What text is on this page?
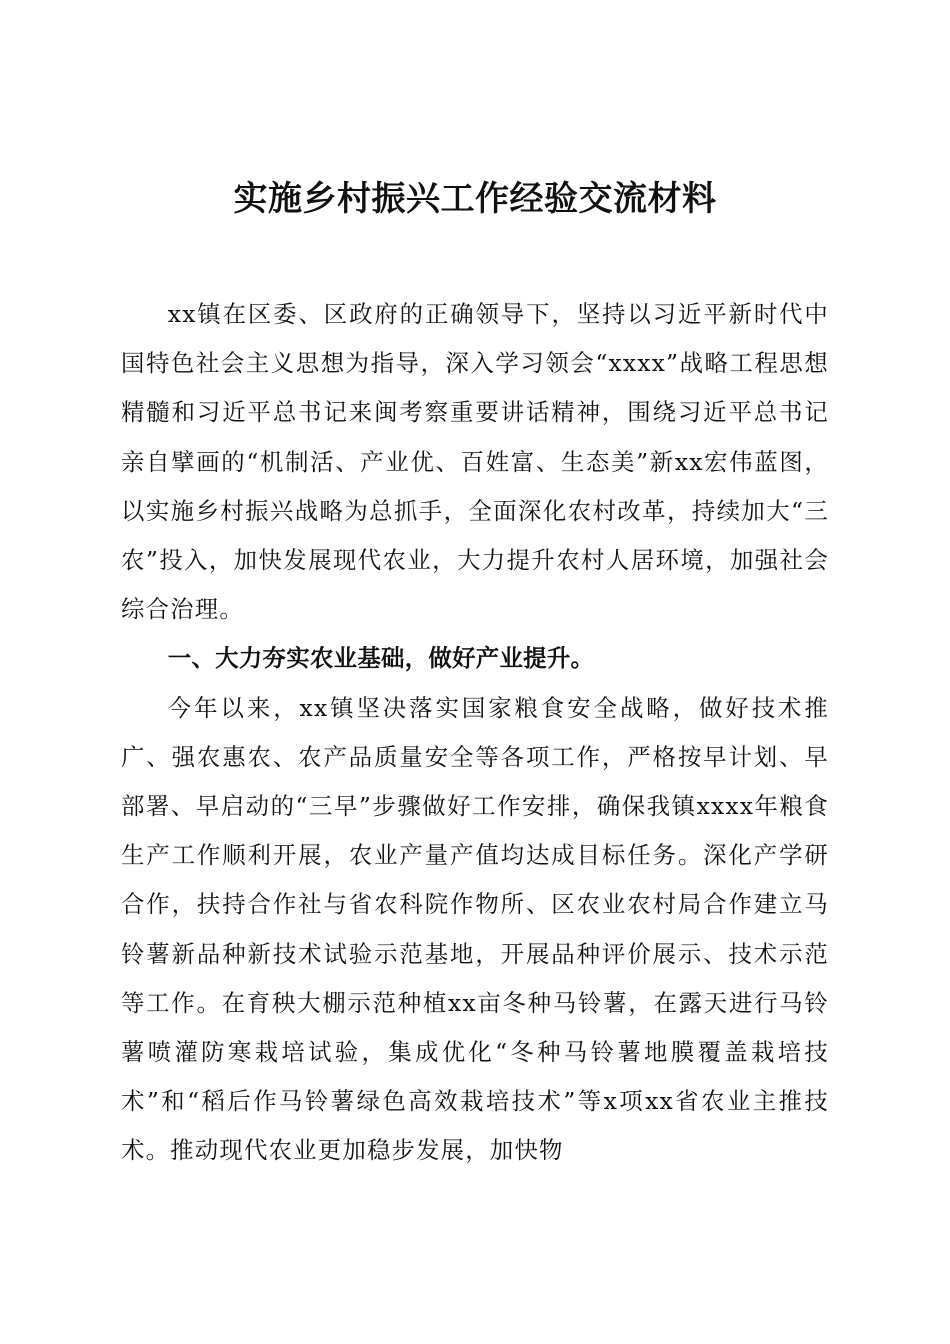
实施乡村振兴工作经验交流材料

xx镇在区委、区政府的正确领导下，坚持以习近平新时代中国特色社会主义思想为指导，深入学习领会“xxxx”战略工程思想精髓和习近平总书记来闽考察重要讲话精神，围绕习近平总书记亲自擘画的“机制活、产业优、百姓富、生态美”新xx宏伟蓝图，以实施乡村振兴战略为总抓手，全面深化农村改革，持续加大“三农”投入，加快发展现代农业，大力提升农村人居环境，加强社会综合治理。

一、大力夯实农业基础，做好产业提升。

今年以来，xx镇坚决落实国家粮食安全战略，做好技术推广、强农惠农、农产品质量安全等各项工作，严格按早计划、早部署、早启动的“三早”步骤做好工作安排，确保我镇xxxx年粮食生产工作顺利开展，农业产量产值均达成目标任务。深化产学研合作，扶持合作社与省农科院作物所、区农业农村局合作建立马铃薯新品种新技术试验示范基地，开展品种评价展示、技术示范等工作。在育秧大棚示范种植xx亩冬种马铃薯，在露天进行马铃薯喷灌防寒栽培试验，集成优化“冬种马铃薯地膜覆盖栽培技术”和“稻后作马铃薯绿色高效栽培技术”等x项xx省农业主推技术。推动现代农业更加稳步发展，加快物
